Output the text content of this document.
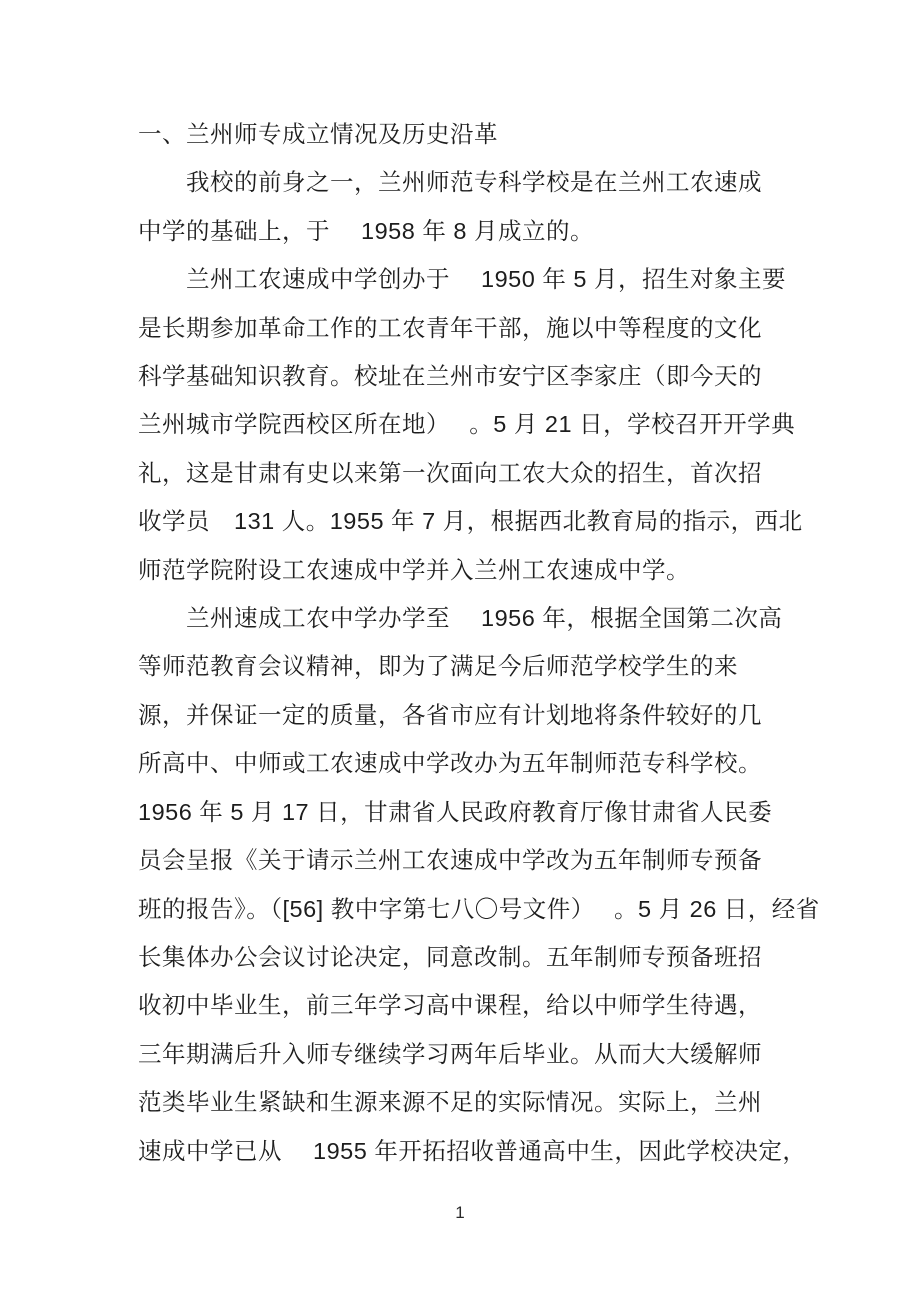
一、兰州师专成立情况及历史沿革
　　我校的前身之一，兰州师范专科学校是在兰州工农速成
中学的基础上，于　 1958 年 8 月成立的。
　　兰州工农速成中学创办于　 1950 年 5 月，招生对象主要
是长期参加革命工作的工农青年干部，施以中等程度的文化
科学基础知识教育。校址在兰州市安宁区李家庄（即今天的
兰州城市学院西校区所在地）　 。5 月 21 日，学校召开开学典
礼，这是甘肃有史以来第一次面向工农大众的招生，首次招
收学员　131 人。1955 年 7 月，根据西北教育局的指示，西北
师范学院附设工农速成中学并入兰州工农速成中学。
　　兰州速成工农中学办学至　 1956 年，根据全国第二次高
等师范教育会议精神，即为了满足今后师范学校学生的来
源，并保证一定的质量，各省市应有计划地将条件较好的几
所高中、中师或工农速成中学改办为五年制师范专科学校。
1956 年 5 月 17 日，甘肃省人民政府教育厅像甘肃省人民委
员会呈报《关于请示兰州工农速成中学改为五年制师专预备
班的报告》。（[56] 教中字第七八〇号文件）　 。5 月 26 日，经省
长集体办公会议讨论决定，同意改制。五年制师专预备班招
收初中毕业生，前三年学习高中课程，给以中师学生待遇，
三年期满后升入师专继续学习两年后毕业。从而大大缓解师
范类毕业生紧缺和生源来源不足的实际情况。实际上，兰州
速成中学已从　 1955 年开拓招收普通高中生，因此学校决定，
1
